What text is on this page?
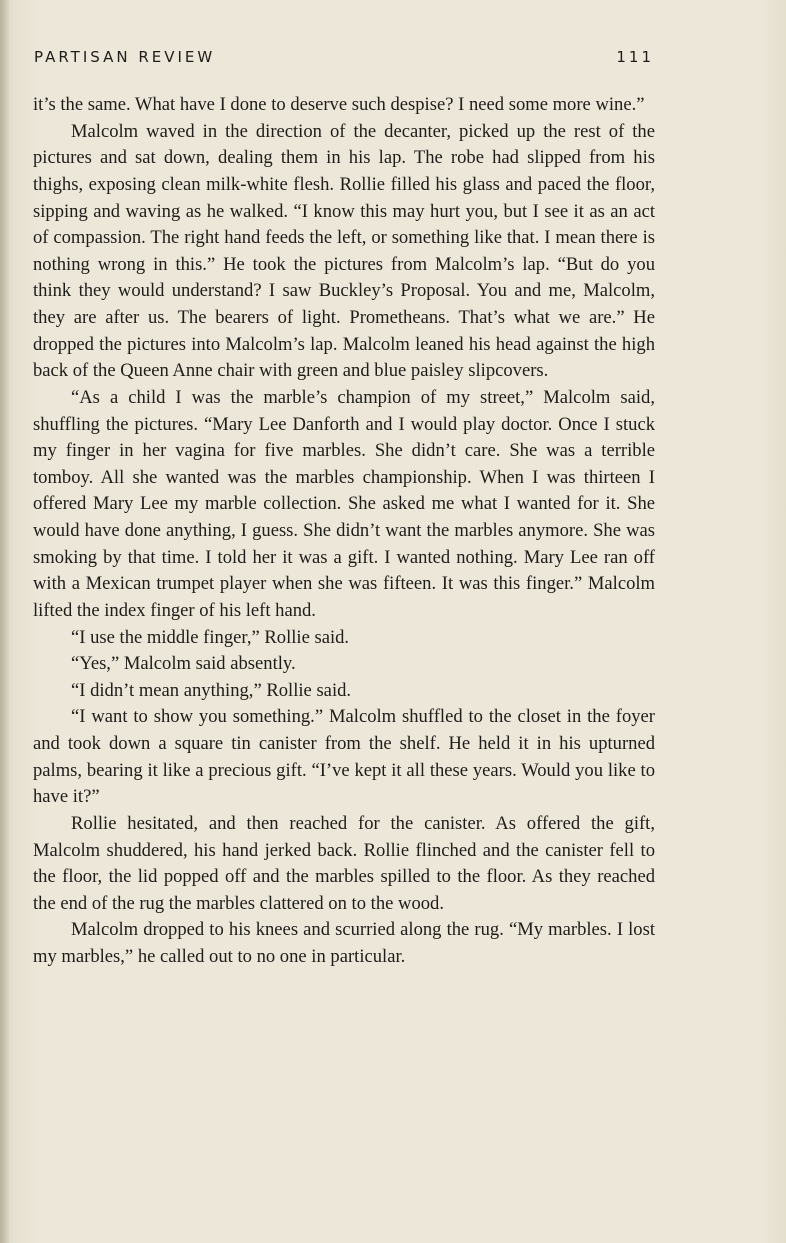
PARTISAN REVIEW	111

it’s the same. What have I done to deserve such despise? I need some more wine.”

Malcolm waved in the direction of the decanter, picked up the rest of the pictures and sat down, dealing them in his lap. The robe had slipped from his thighs, exposing clean milk-white flesh. Rollie filled his glass and paced the floor, sipping and waving as he walked. “I know this may hurt you, but I see it as an act of compassion. The right hand feeds the left, or something like that. I mean there is nothing wrong in this.” He took the pictures from Malcolm’s lap. “But do you think they would understand? I saw Buckley’s Proposal. You and me, Malcolm, they are after us. The bearers of light. Prometheans. That’s what we are.” He dropped the pictures into Malcolm’s lap. Malcolm leaned his head against the high back of the Queen Anne chair with green and blue paisley slipcovers.

“As a child I was the marble’s champion of my street,” Malcolm said, shuffling the pictures. “Mary Lee Danforth and I would play doctor. Once I stuck my finger in her vagina for five marbles. She didn’t care. She was a terrible tomboy. All she wanted was the marbles championship. When I was thirteen I offered Mary Lee my marble collection. She asked me what I wanted for it. She would have done anything, I guess. She didn’t want the marbles anymore. She was smoking by that time. I told her it was a gift. I wanted nothing. Mary Lee ran off with a Mexican trumpet player when she was fifteen. It was this finger.” Malcolm lifted the index finger of his left hand.

“I use the middle finger,” Rollie said.

“Yes,” Malcolm said absently.

“I didn’t mean anything,” Rollie said.

“I want to show you something.” Malcolm shuffled to the closet in the foyer and took down a square tin canister from the shelf. He held it in his upturned palms, bearing it like a precious gift. “I’ve kept it all these years. Would you like to have it?”

Rollie hesitated, and then reached for the canister. As offered the gift, Malcolm shuddered, his hand jerked back. Rollie flinched and the canister fell to the floor, the lid popped off and the marbles spilled to the floor. As they reached the end of the rug the marbles clattered on to the wood.

Malcolm dropped to his knees and scurried along the rug. “My marbles. I lost my marbles,” he called out to no one in particular.
